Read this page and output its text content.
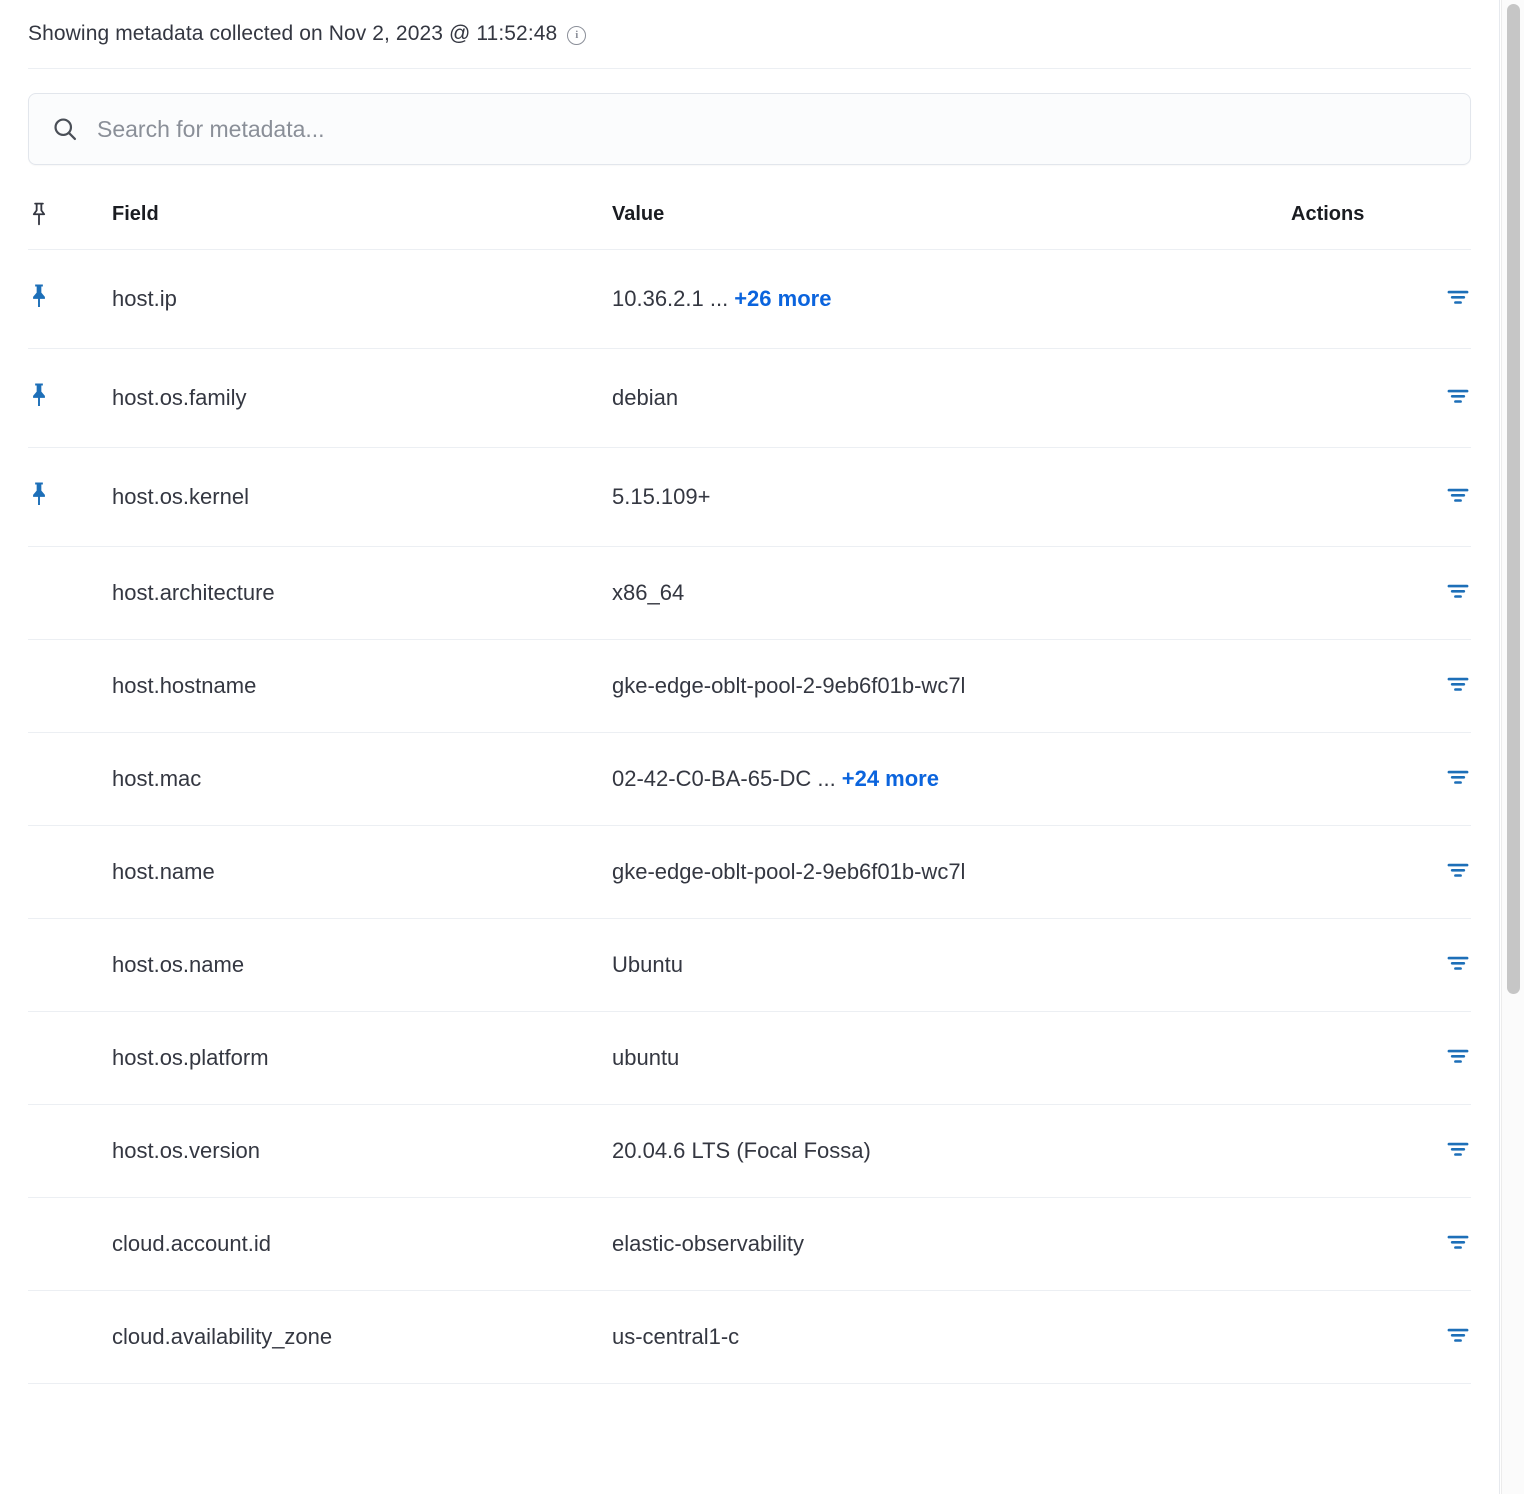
Showing metadata collected on Nov 2, 2023 @ 11:52:48	i
Search for metadata...
	Field	Value	Actions
	host.ip	10.36.2.1 ... +26 more	
	host.os.family	debian	
	host.os.kernel	5.15.109+	
	host.architecture	x86_64	
	host.hostname	gke-edge-oblt-pool-2-9eb6f01b-wc7l	
	host.mac	02-42-C0-BA-65-DC ... +24 more	
	host.name	gke-edge-oblt-pool-2-9eb6f01b-wc7l	
	host.os.name	Ubuntu	
	host.os.platform	ubuntu	
	host.os.version	20.04.6 LTS (Focal Fossa)	
	cloud.account.id	elastic-observability	
	cloud.availability_zone	us-central1-c	
